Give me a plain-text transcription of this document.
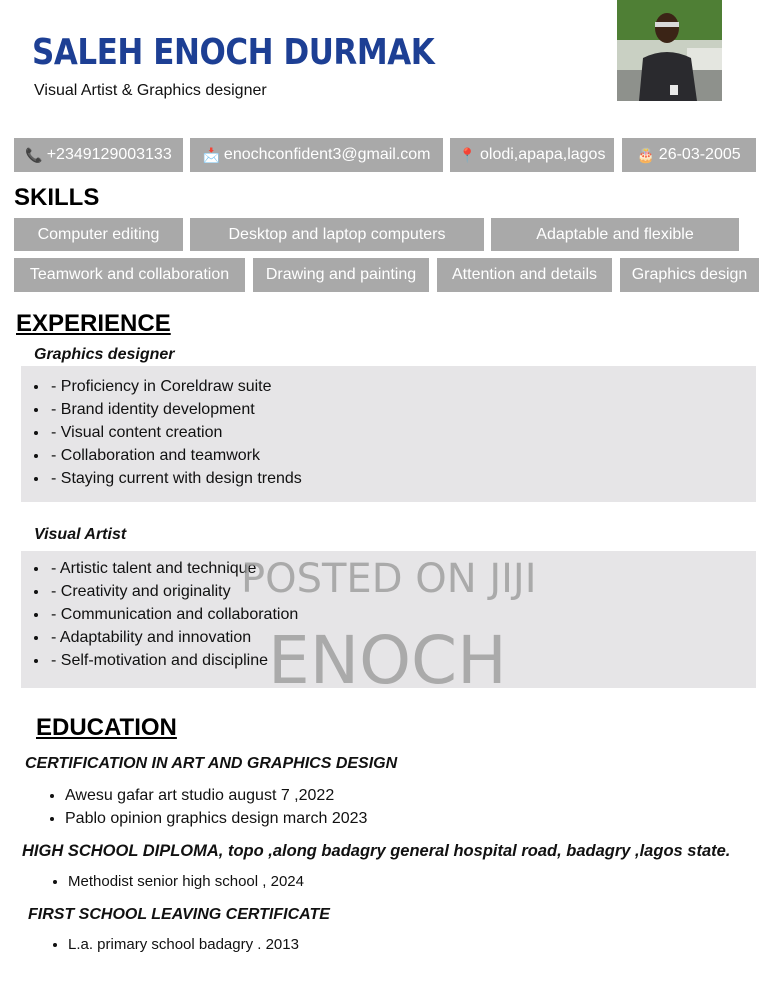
SALEH ENOCH DURMAK
Visual Artist & Graphics designer
📞 +2349129003133 📩 enochconfident3@gmail.com 📍 olodi,apapa,lagos 🎂 26-03-2005
SKILLS
Computer editing	Desktop and laptop computers	Adaptable and flexible
Teamwork and collaboration	Drawing and painting	Attention and details	Graphics design
EXPERIENCE
Graphics designer
• - Proficiency in Coreldraw suite
• - Brand identity development
• - Visual content creation
• - Collaboration and teamwork
• - Staying current with design trends
Visual Artist
• - Artistic talent and technique
• - Creativity and originality
• - Communication and collaboration
• - Adaptability and innovation
• - Self-motivation and discipline
POSTED ON JIJI
ENOCH
EDUCATION
CERTIFICATION IN ART AND GRAPHICS DESIGN
• Awesu gafar art studio august 7 ,2022
• Pablo opinion graphics design march 2023
HIGH SCHOOL DIPLOMA, topo ,along badagry general hospital road, badagry ,lagos state.
• Methodist senior high school , 2024
FIRST SCHOOL LEAVING CERTIFICATE
• L.a. primary school badagry . 2013
